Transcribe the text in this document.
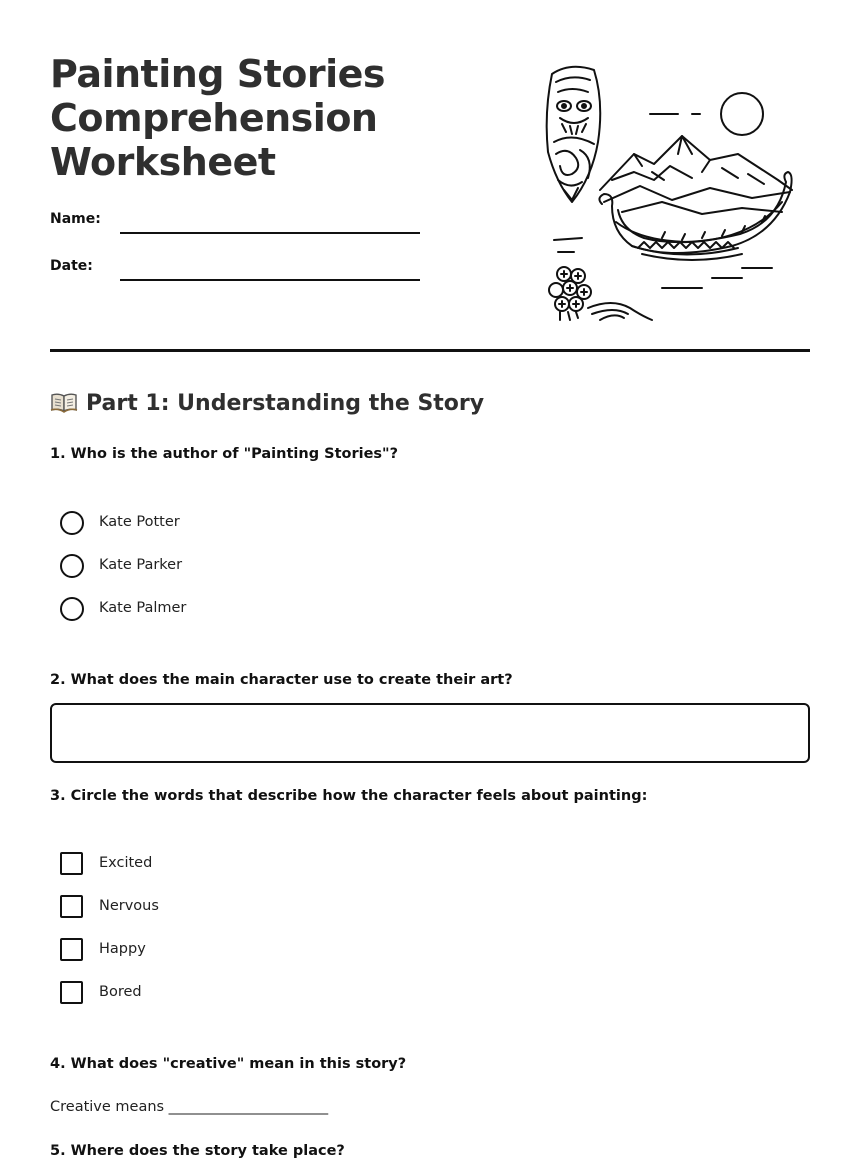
Painting Stories
Comprehension
Worksheet
Name:
Date:
Part 1: Understanding the Story

1. Who is the author of "Painting Stories"?

Kate Potter
Kate Parker
Kate Palmer

2. What does the main character use to create their art?

3. Circle the words that describe how the character feels about painting:

Excited
Nervous
Happy
Bored

4. What does "creative" mean in this story?

Creative means ______________________

5. Where does the story take place?
